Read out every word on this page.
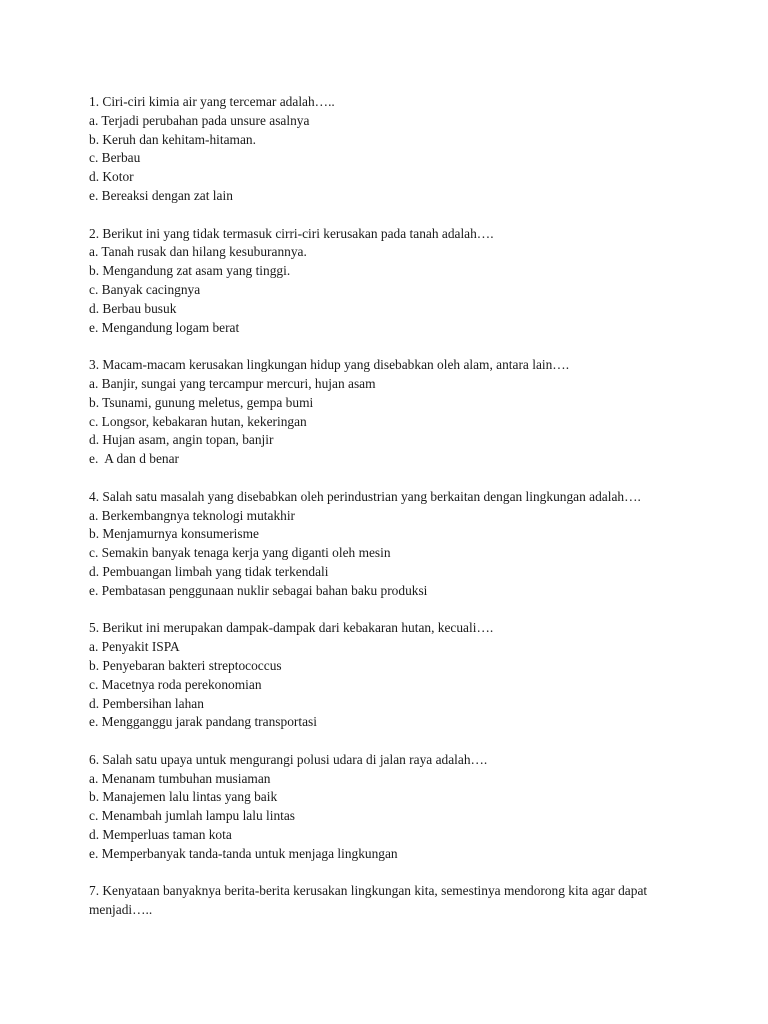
1. Ciri-ciri kimia air yang tercemar adalah…..

a. Terjadi perubahan pada unsure asalnya

b. Keruh dan kehitam-hitaman.

c. Berbau

d. Kotor

e. Bereaksi dengan zat lain

2. Berikut ini yang tidak termasuk cirri-ciri kerusakan pada tanah adalah….

a. Tanah rusak dan hilang kesuburannya.

b. Mengandung zat asam yang tinggi.

c. Banyak cacingnya

d. Berbau busuk

e. Mengandung logam berat

3. Macam-macam kerusakan lingkungan hidup yang disebabkan oleh alam, antara lain….

a. Banjir, sungai yang tercampur mercuri, hujan asam

b. Tsunami, gunung meletus, gempa bumi

c. Longsor, kebakaran hutan, kekeringan

d. Hujan asam, angin topan, banjir

e.  A dan d benar

4. Salah satu masalah yang disebabkan oleh perindustrian yang berkaitan dengan lingkungan adalah….

a. Berkembangnya teknologi mutakhir

b. Menjamurnya konsumerisme

c. Semakin banyak tenaga kerja yang diganti oleh mesin

d. Pembuangan limbah yang tidak terkendali

e. Pembatasan penggunaan nuklir sebagai bahan baku produksi

5. Berikut ini merupakan dampak-dampak dari kebakaran hutan, kecuali….

a. Penyakit ISPA

b. Penyebaran bakteri streptococcus

c. Macetnya roda perekonomian

d. Pembersihan lahan

e. Mengganggu jarak pandang transportasi

6. Salah satu upaya untuk mengurangi polusi udara di jalan raya adalah….

a. Menanam tumbuhan musiaman

b. Manajemen lalu lintas yang baik

c. Menambah jumlah lampu lalu lintas

d. Memperluas taman kota

e. Memperbanyak tanda-tanda untuk menjaga lingkungan

7. Kenyataan banyaknya berita-berita kerusakan lingkungan kita, semestinya mendorong kita agar dapat menjadi…..
